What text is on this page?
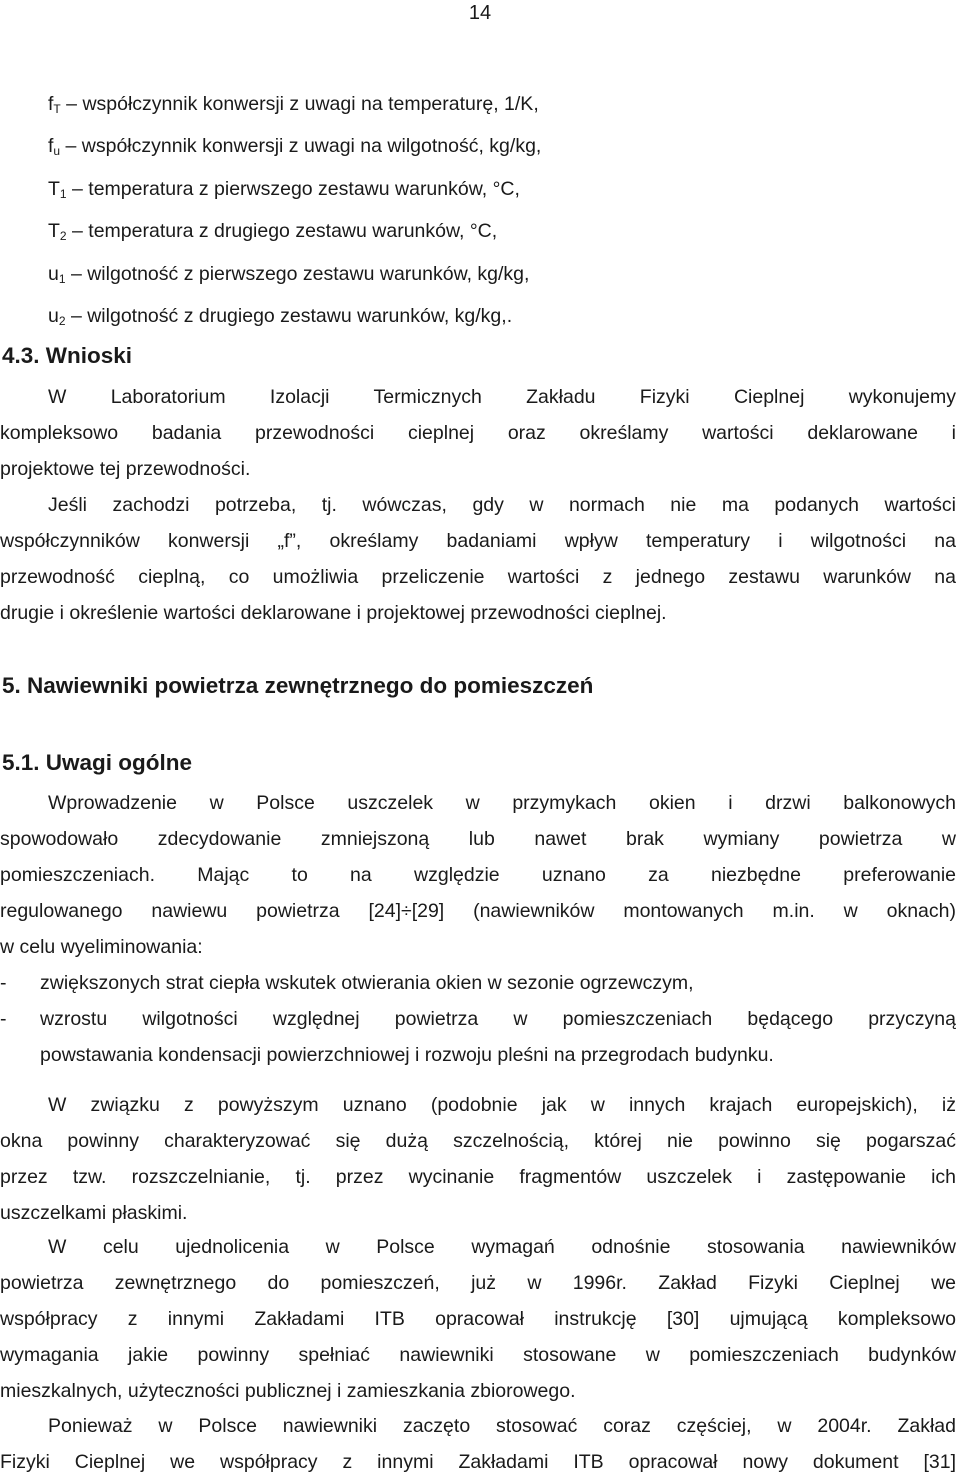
14
$f_T$ – współczynnik konwersji z uwagi na temperaturę, 1/K,
$f_u$ – współczynnik konwersji z uwagi na wilgotność, kg/kg,
$T_1$ – temperatura z pierwszego zestawu warunków, °C,
$T_2$ – temperatura z drugiego zestawu warunków, °C,
$u_1$ – wilgotność z pierwszego zestawu warunków, kg/kg,
$u_2$ – wilgotność z drugiego zestawu warunków, kg/kg,.
4.3. Wnioski
W Laboratorium Izolacji Termicznych Zakładu Fizyki Cieplnej wykonujemy
kompleksowo badania przewodności cieplnej oraz określamy wartości deklarowane i
projektowe tej przewodności.
Jeśli zachodzi potrzeba, tj. wówczas, gdy w normach nie ma podanych wartości
współczynników konwersji „f”, określamy badaniami wpływ temperatury i wilgotności na
przewodność cieplną, co umożliwia przeliczenie wartości z jednego zestawu warunków na
drugie i określenie wartości deklarowane i projektowej przewodności cieplnej.
5. Nawiewniki powietrza zewnętrznego do pomieszczeń
5.1. Uwagi ogólne
Wprowadzenie w Polsce uszczelek w przymykach okien i drzwi balkonowych
spowodowało zdecydowanie zmniejszoną lub nawet brak wymiany powietrza w
pomieszczeniach. Mając to na względzie uznano za niezbędne preferowanie
regulowanego nawiewu powietrza [24]÷[29] (nawiewników montowanych m.in. w oknach)
w celu wyeliminowania:
-	zwiększonych strat ciepła wskutek otwierania okien w sezonie ogrzewczym,
- wzrostu wilgotności względnej powietrza w pomieszczeniach będącego przyczyną
powstawania kondensacji powierzchniowej i rozwoju pleśni na przegrodach budynku.
W związku z powyższym uznano (podobnie jak w innych krajach europejskich), iż
okna powinny charakteryzować się dużą szczelnością, której nie powinno się pogarszać
przez tzw. rozszczelnianie, tj. przez wycinanie fragmentów uszczelek i zastępowanie ich
uszczelkami płaskimi.
W celu ujednolicenia w Polsce wymagań odnośnie stosowania nawiewników
powietrza zewnętrznego do pomieszczeń, już w 1996r. Zakład Fizyki Cieplnej we
współpracy z innymi Zakładami ITB opracował instrukcję [30] ujmującą kompleksowo
wymagania jakie powinny spełniać nawiewniki stosowane w pomieszczeniach budynków
mieszkalnych, użyteczności publicznej i zamieszkania zbiorowego.
Ponieważ w Polsce nawiewniki zaczęto stosować coraz częściej, w 2004r. Zakład
Fizyki Cieplnej we współpracy z innymi Zakładami ITB opracował nowy dokument [31]
